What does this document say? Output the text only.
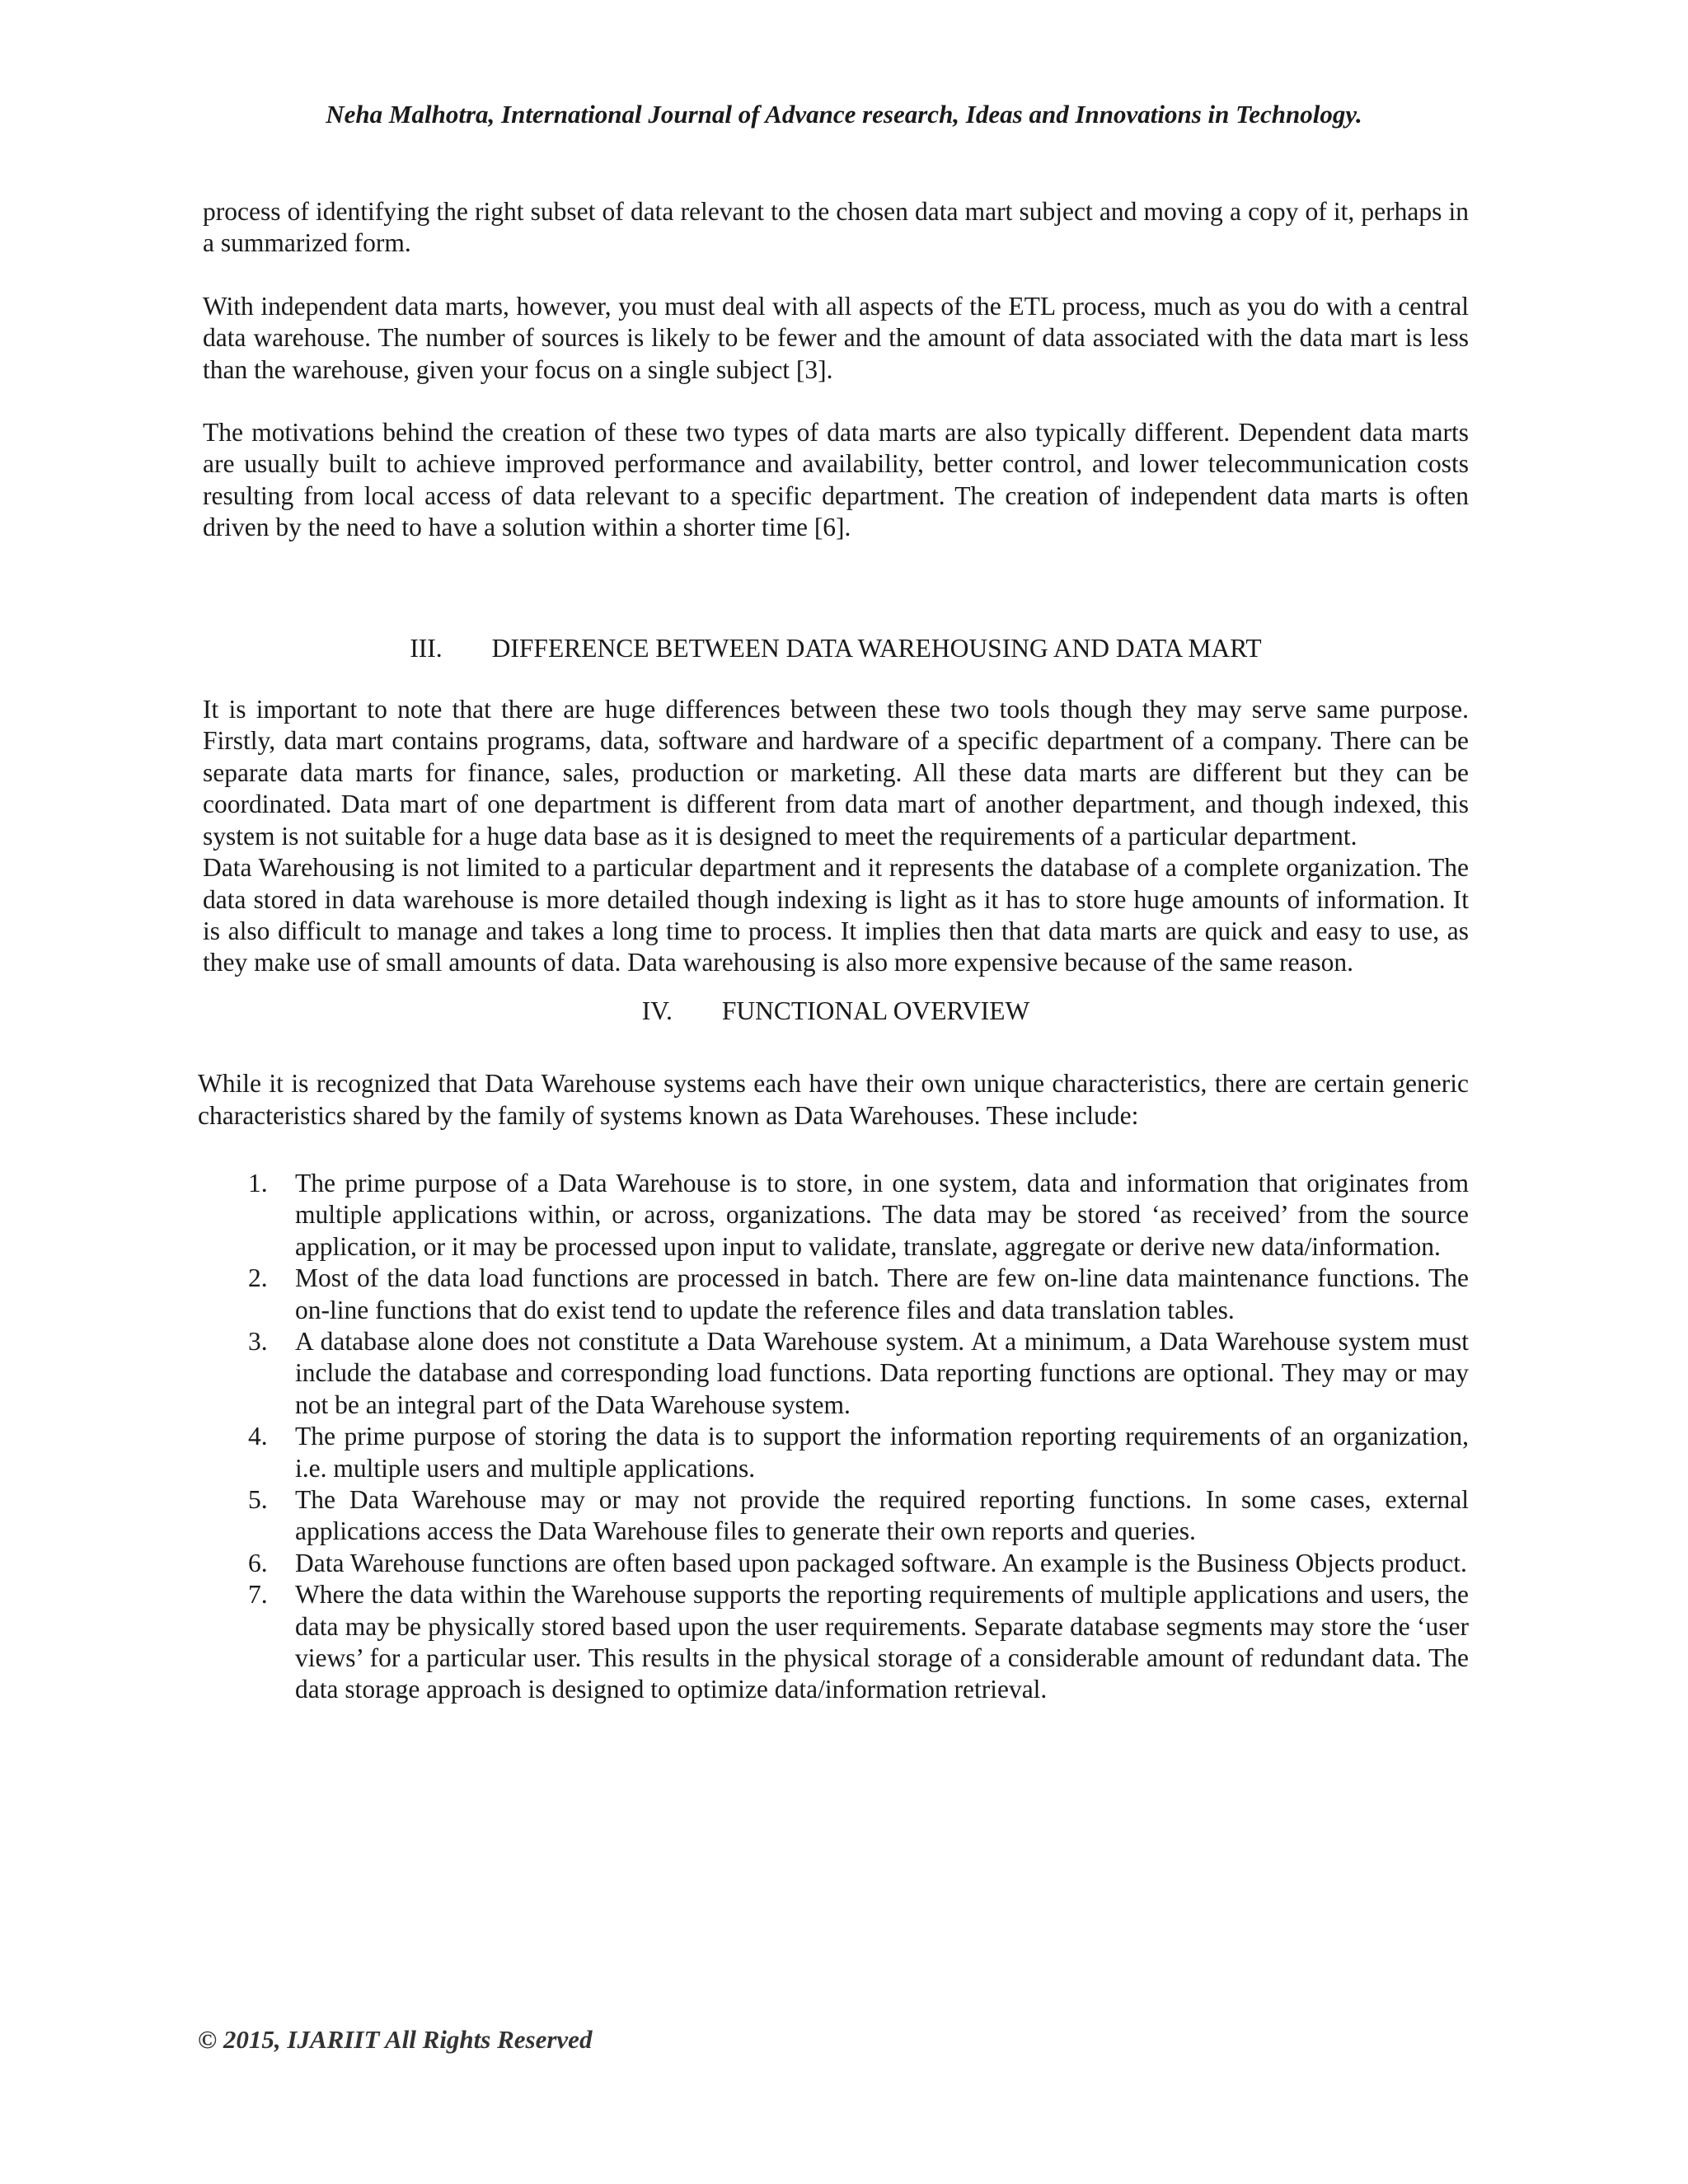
Neha Malhotra, International Journal of Advance research, Ideas and Innovations in Technology.

process of identifying the right subset of data relevant to the chosen data mart subject and moving a copy of it, perhaps in a summarized form.

With independent data marts, however, you must deal with all aspects of the ETL process, much as you do with a central data warehouse. The number of sources is likely to be fewer and the amount of data associated with the data mart is less than the warehouse, given your focus on a single subject [3].

The motivations behind the creation of these two types of data marts are also typically different. Dependent data marts are usually built to achieve improved performance and availability, better control, and lower telecommunication costs resulting from local access of data relevant to a specific department. The creation of independent data marts is often driven by the need to have a solution within a shorter time [6].

III. DIFFERENCE BETWEEN DATA WAREHOUSING AND DATA MART

It is important to note that there are huge differences between these two tools though they may serve same purpose. Firstly, data mart contains programs, data, software and hardware of a specific department of a company. There can be separate data marts for finance, sales, production or marketing. All these data marts are different but they can be coordinated. Data mart of one department is different from data mart of another department, and though indexed, this system is not suitable for a huge data base as it is designed to meet the requirements of a particular department.

Data Warehousing is not limited to a particular department and it represents the database of a complete organization. The data stored in data warehouse is more detailed though indexing is light as it has to store huge amounts of information. It is also difficult to manage and takes a long time to process. It implies then that data marts are quick and easy to use, as they make use of small amounts of data. Data warehousing is also more expensive because of the same reason.

IV. FUNCTIONAL OVERVIEW

While it is recognized that Data Warehouse systems each have their own unique characteristics, there are certain generic characteristics shared by the family of systems known as Data Warehouses. These include:

1. The prime purpose of a Data Warehouse is to store, in one system, data and information that originates from multiple applications within, or across, organizations. The data may be stored ‘as received’ from the source application, or it may be processed upon input to validate, translate, aggregate or derive new data/information.
2. Most of the data load functions are processed in batch. There are few on-line data maintenance functions. The on-line functions that do exist tend to update the reference files and data translation tables.
3. A database alone does not constitute a Data Warehouse system. At a minimum, a Data Warehouse system must include the database and corresponding load functions. Data reporting functions are optional. They may or may not be an integral part of the Data Warehouse system.
4. The prime purpose of storing the data is to support the information reporting requirements of an organization, i.e. multiple users and multiple applications.
5. The Data Warehouse may or may not provide the required reporting functions. In some cases, external applications access the Data Warehouse files to generate their own reports and queries.
6. Data Warehouse functions are often based upon packaged software. An example is the Business Objects product.
7. Where the data within the Warehouse supports the reporting requirements of multiple applications and users, the data may be physically stored based upon the user requirements. Separate database segments may store the ‘user views’ for a particular user. This results in the physical storage of a considerable amount of redundant data. The data storage approach is designed to optimize data/information retrieval.
© 2015, IJARIIT All Rights Reserved
